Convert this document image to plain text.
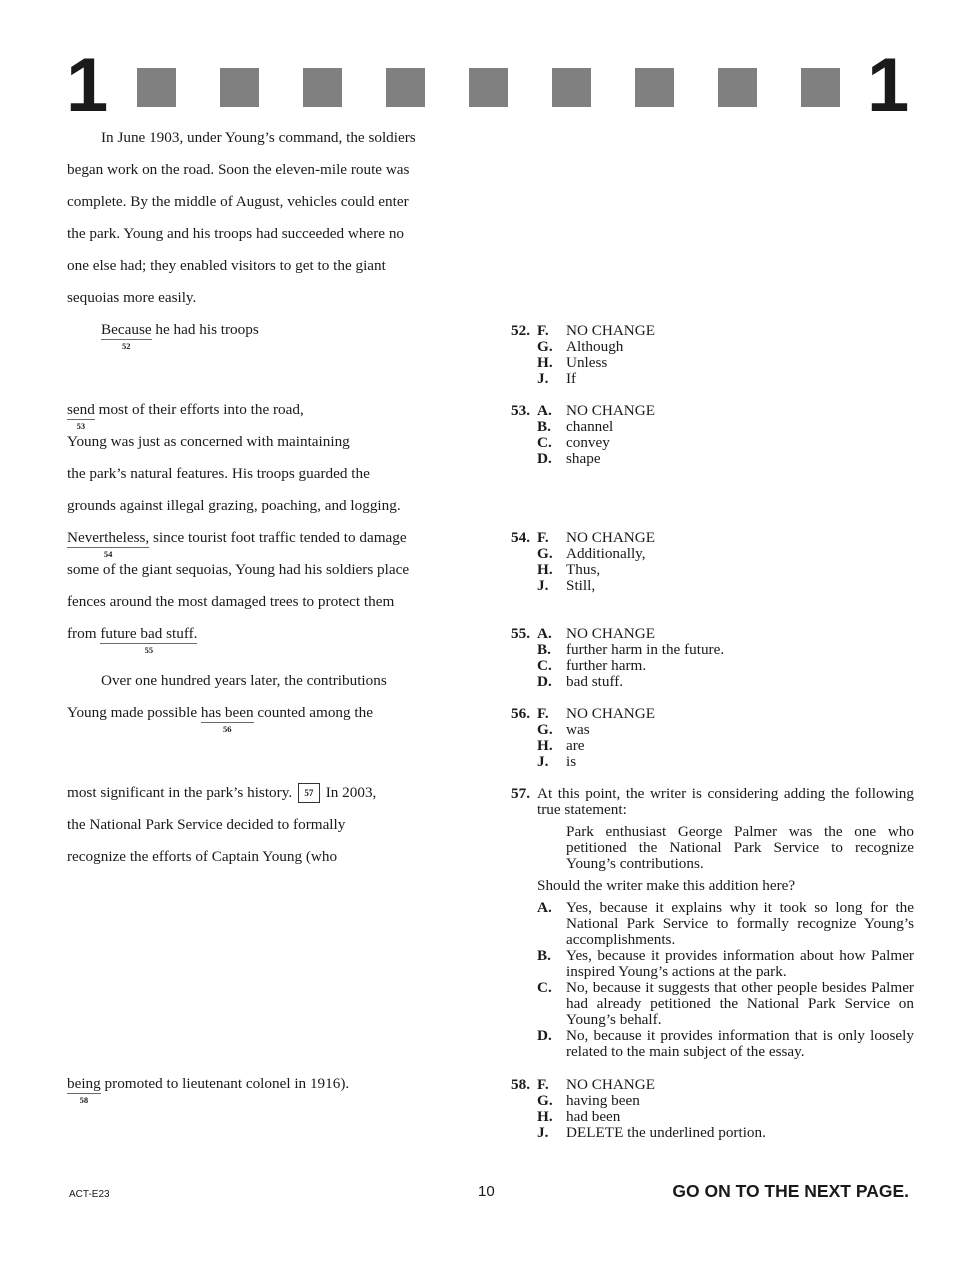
1	1
In June 1903, under Young’s command, the soldiers
began work on the road. Soon the eleven-mile route was
complete. By the middle of August, vehicles could enter
the park. Young and his troops had succeeded where no
one else had; they enabled visitors to get to the giant
sequoias more easily.
Because
52
he had his troops
send
53
most of their efforts into the road,
Young was just as concerned with maintaining
the park’s natural features. His troops guarded the
grounds against illegal grazing, poaching, and logging.
Nevertheless,
54
since tourist foot traffic tended to damage
some of the giant sequoias, Young had his soldiers place
fences around the most damaged trees to protect them
from future bad stuff.
55
Over one hundred years later, the contributions
Young made possible has been
56
counted among the
most significant in the park’s history. 57 In 2003,
the National Park Service decided to formally
recognize the efforts of Captain Young (who
being
58
promoted to lieutenant colonel in 1916).
52. F. NO CHANGE
G. Although
H. Unless
J. If
53. A. NO CHANGE
B. channel
C. convey
D. shape
54. F. NO CHANGE
G. Additionally,
H. Thus,
J. Still,
55. A. NO CHANGE
B. further harm in the future.
C. further harm.
D. bad stuff.
56. F. NO CHANGE
G. was
H. are
J. is
57. At this point, the writer is considering adding the following true statement:
Park enthusiast George Palmer was the one who petitioned the National Park Service to recognize Young’s contributions.
Should the writer make this addition here?
A. Yes, because it explains why it took so long for the National Park Service to formally recognize Young’s accomplishments.
B. Yes, because it provides information about how Palmer inspired Young’s actions at the park.
C. No, because it suggests that other people besides Palmer had already petitioned the National Park Service on Young’s behalf.
D. No, because it provides information that is only loosely related to the main subject of the essay.
58. F. NO CHANGE
G. having been
H. had been
J. DELETE the underlined portion.
ACT-E23	10	GO ON TO THE NEXT PAGE.
